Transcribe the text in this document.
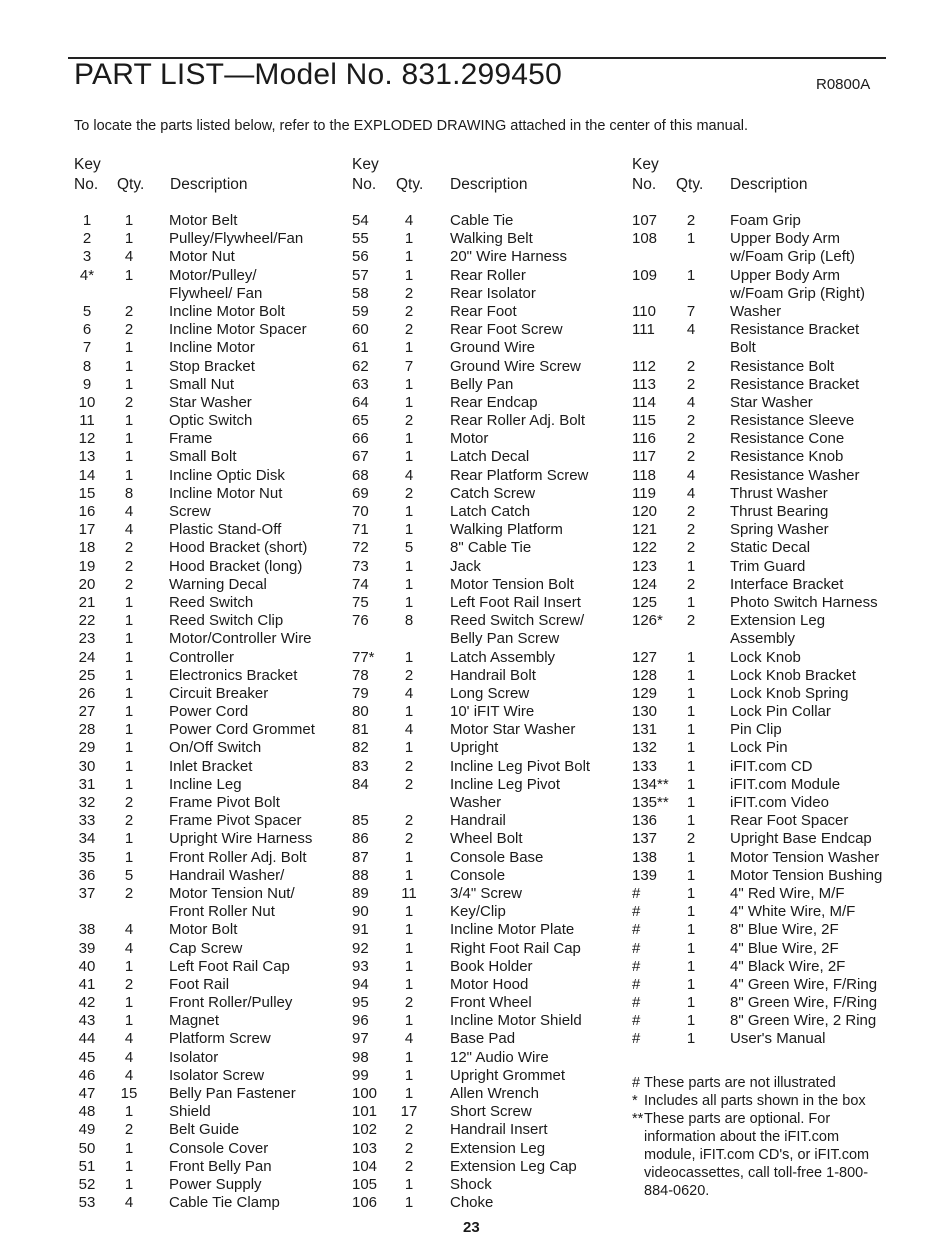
PART LIST—Model No. 831.299450	R0800A
To locate the parts listed below, refer to the EXPLODED DRAWING attached in the center of this manual.
Key
No. Qty. Description
1	1	Motor Belt
2	1	Pulley/Flywheel/Fan
3	4	Motor Nut
4*	1	Motor/Pulley/
Flywheel/ Fan
5	2	Incline Motor Bolt
6	2	Incline Motor Spacer
7	1	Incline Motor
8	1	Stop Bracket
9	1	Small Nut
10	2	Star Washer
11	1	Optic Switch
12	1	Frame
13	1	Small Bolt
14	1	Incline Optic Disk
15	8	Incline Motor Nut
16	4	Screw
17	4	Plastic Stand-Off
18	2	Hood Bracket (short)
19	2	Hood Bracket (long)
20	2	Warning Decal
21	1	Reed Switch
22	1	Reed Switch Clip
23	1	Motor/Controller Wire
24	1	Controller
25	1	Electronics Bracket
26	1	Circuit Breaker
27	1	Power Cord
28	1	Power Cord Grommet
29	1	On/Off Switch
30	1	Inlet Bracket
31	1	Incline Leg
32	2	Frame Pivot Bolt
33	2	Frame Pivot Spacer
34	1	Upright Wire Harness
35	1	Front Roller Adj. Bolt
36	5	Handrail Washer/
37	2	Motor Tension Nut/
Front Roller Nut
38	4	Motor Bolt
39	4	Cap Screw
40	1	Left Foot Rail Cap
41	2	Foot Rail
42	1	Front Roller/Pulley
43	1	Magnet
44	4	Platform Screw
45	4	Isolator
46	4	Isolator Screw
47	15	Belly Pan Fastener
48	1	Shield
49	2	Belt Guide
50	1	Console Cover
51	1	Front Belly Pan
52	1	Power Supply
53	4	Cable Tie Clamp
Key
No. Qty. Description
54	4	Cable Tie
55	1	Walking Belt
56	1	20" Wire Harness
57	1	Rear Roller
58	2	Rear Isolator
59	2	Rear Foot
60	2	Rear Foot Screw
61	1	Ground Wire
62	7	Ground Wire Screw
63	1	Belly Pan
64	1	Rear Endcap
65	2	Rear Roller Adj. Bolt
66	1	Motor
67	1	Latch Decal
68	4	Rear Platform Screw
69	2	Catch Screw
70	1	Latch Catch
71	1	Walking Platform
72	5	8" Cable Tie
73	1	Jack
74	1	Motor Tension Bolt
75	1	Left Foot Rail Insert
76	8	Reed Switch Screw/
Belly Pan Screw
77*	1	Latch Assembly
78	2	Handrail Bolt
79	4	Long Screw
80	1	10' iFIT Wire
81	4	Motor Star Washer
82	1	Upright
83	2	Incline Leg Pivot Bolt
84	2	Incline Leg Pivot
Washer
85	2	Handrail
86	2	Wheel Bolt
87	1	Console Base
88	1	Console
89	11	3/4" Screw
90	1	Key/Clip
91	1	Incline Motor Plate
92	1	Right Foot Rail Cap
93	1	Book Holder
94	1	Motor Hood
95	2	Front Wheel
96	1	Incline Motor Shield
97	4	Base Pad
98	1	12" Audio Wire
99	1	Upright Grommet
100	1	Allen Wrench
101	17	Short Screw
102	2	Handrail Insert
103	2	Extension Leg
104	2	Extension Leg Cap
105	1	Shock
106	1	Choke
Key
No. Qty. Description
107	2	Foam Grip
108	1	Upper Body Arm
w/Foam Grip (Left)
109	1	Upper Body Arm
w/Foam Grip (Right)
110	7	Washer
111	4	Resistance Bracket
Bolt
112	2	Resistance Bolt
113	2	Resistance Bracket
114	4	Star Washer
115	2	Resistance Sleeve
116	2	Resistance Cone
117	2	Resistance Knob
118	4	Resistance Washer
119	4	Thrust Washer
120	2	Thrust Bearing
121	2	Spring Washer
122	2	Static Decal
123	1	Trim Guard
124	2	Interface Bracket
125	1	Photo Switch Harness
126*	2	Extension Leg
Assembly
127	1	Lock Knob
128	1	Lock Knob Bracket
129	1	Lock Knob Spring
130	1	Lock Pin Collar
131	1	Pin Clip
132	1	Lock Pin
133	1	iFIT.com CD
134**	1	iFIT.com Module
135**	1	iFIT.com Video
136	1	Rear Foot Spacer
137	2	Upright Base Endcap
138	1	Motor Tension Washer
139	1	Motor Tension Bushing
#	1	4" Red Wire, M/F
#	1	4" White Wire, M/F
#	1	8" Blue Wire, 2F
#	1	4" Blue Wire, 2F
#	1	4" Black Wire, 2F
#	1	4" Green Wire, F/Ring
#	1	8" Green Wire, F/Ring
#	1	8" Green Wire, 2 Ring
#	1	User's Manual
# These parts are not illustrated
* Includes all parts shown in the box
** These parts are optional. For information about the iFIT.com module, iFIT.com CD's, or iFIT.com videocassettes, call toll-free 1-800-884-0620.
23
